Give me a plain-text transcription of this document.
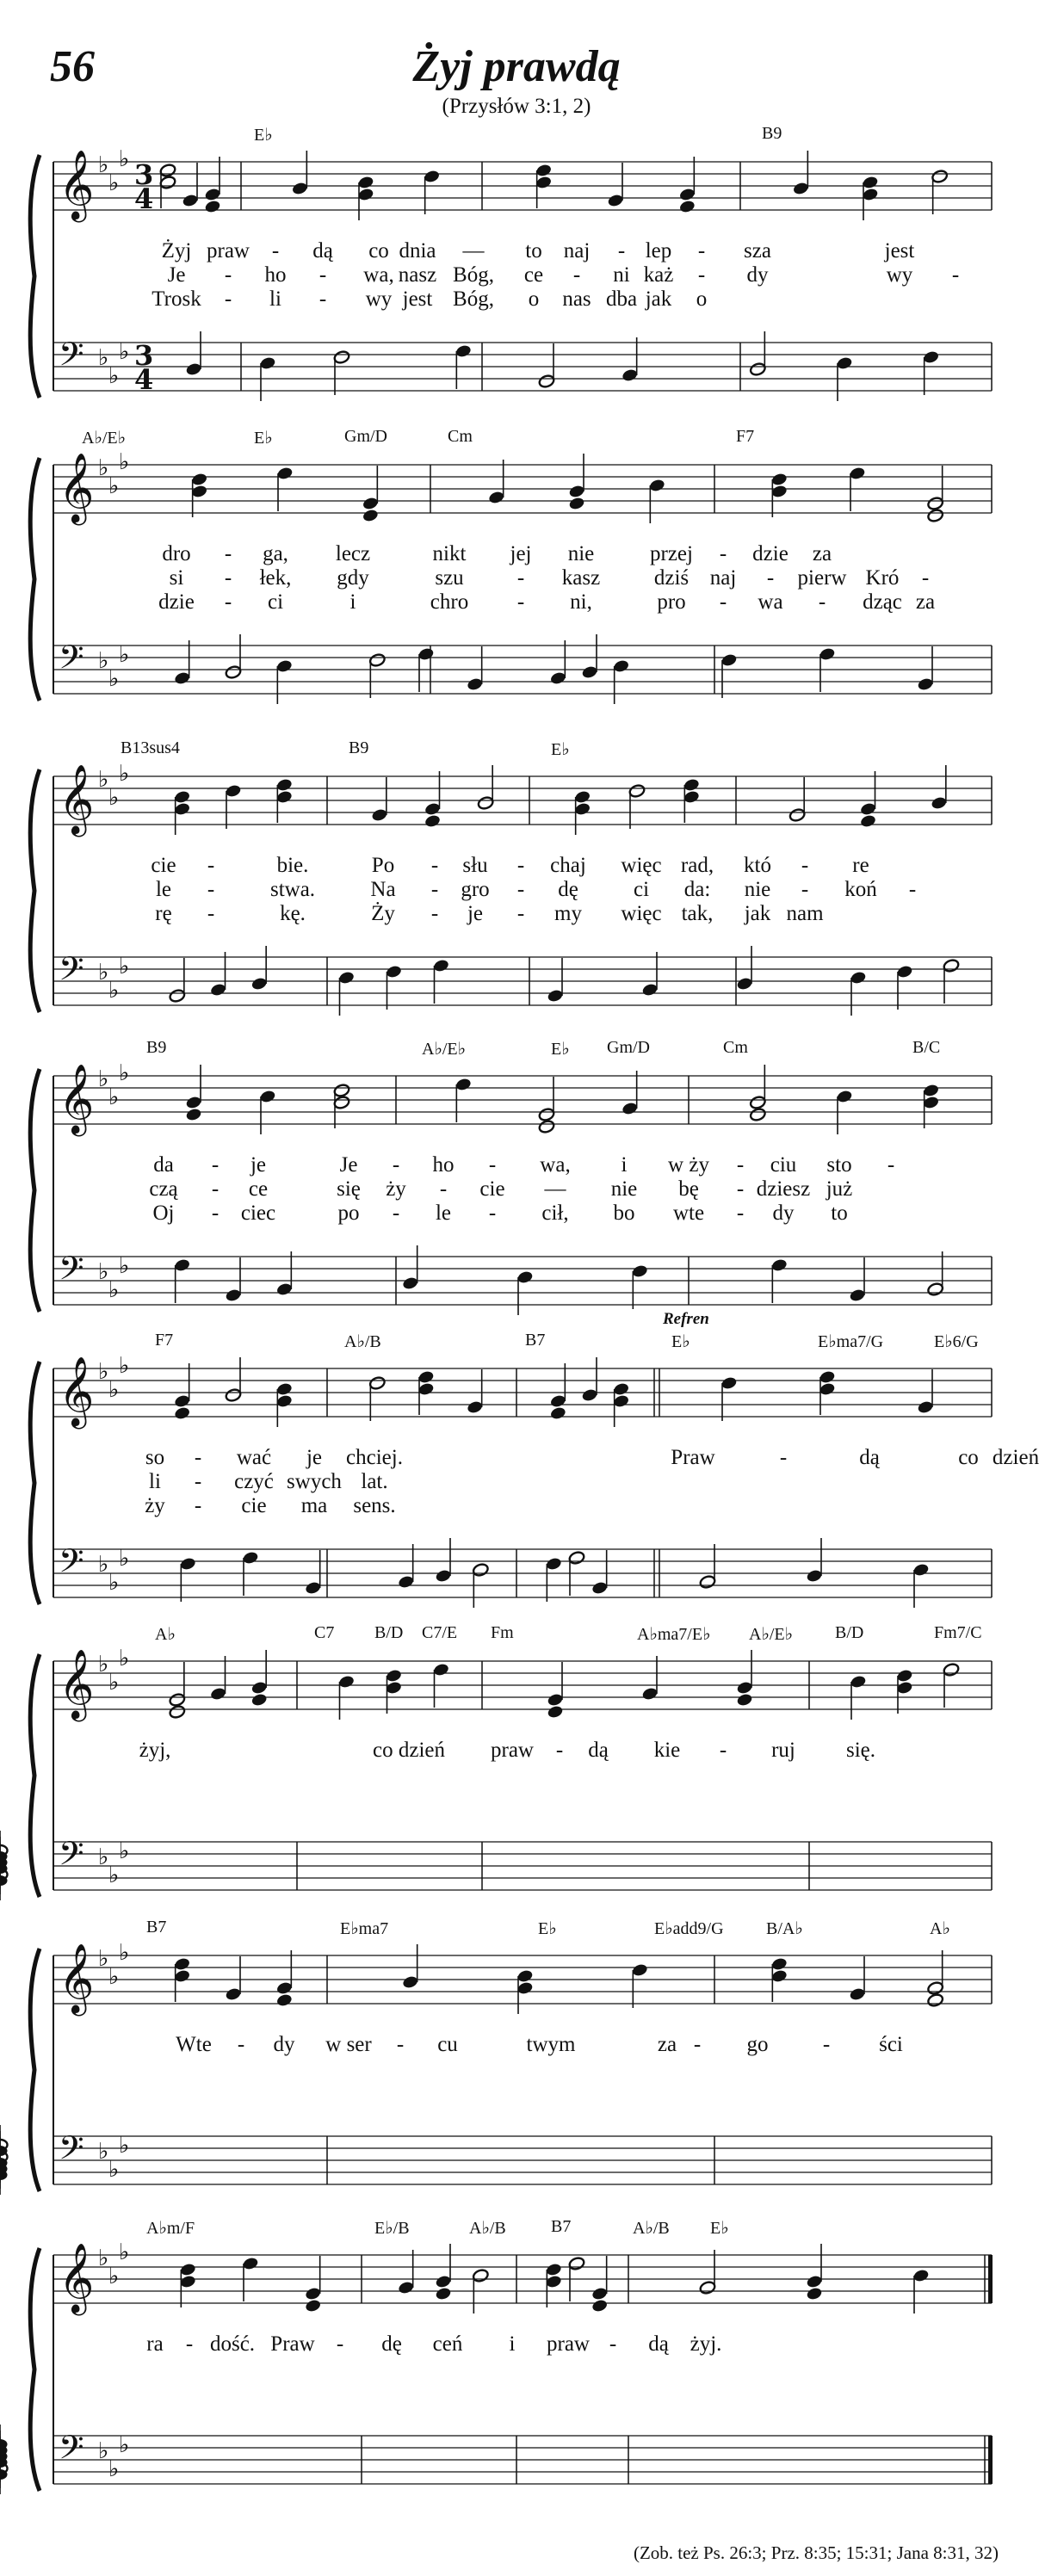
56	Żyj prawdą
(Przysłów 3:1, 2)
𝄞 ♭
♭
♭ 3
4
𝄢 ♭
♭
♭ 3
4
E♭	B9
Żyj praw - dą co dnia — to naj - lep - sza	jest
Je - ho - wa, nasz Bóg, ce - ni każ - dy	wy -
Trosk - li - wy jest Bóg, o nas dba jak o
𝄞 ♭
♭
♭
𝄢 ♭
♭
♭
A♭/E♭	E♭	Gm/D	Cm	F7
dro - ga, lecz	nikt jej nie	przej - dzie za
si - łek, gdy	szu - kasz	dziś naj - pierw Kró -
dzie - ci	i	chro - ni,	pro - wa - dząc za
𝄞 ♭
♭
♭
𝄢 ♭
♭
♭
B13sus4	B9	E♭
cie -	bie.	Po - słu - chaj więc rad, któ - re
le -	stwa.	Na - gro - dę	ci da: nie - koń -
rę -	kę.	Ży - je - my więc tak, jak nam
𝄞 ♭
♭
♭
𝄢 ♭
♭
♭
B9	A♭/E♭	E♭ Gm/D	Cm	B/C
da - je	Je - ho - wa, i w ży - ciu sto -
czą - ce	się ży - cie — nie bę - dziesz już
Oj - ciec	po - le - cił, bo wte - dy to
𝄞 ♭
♭
♭
𝄢 ♭
♭
♭
F7	A♭/B	B7	E♭	E♭ma7/G	E♭6/G
Refren
so - wać je chciej.	Praw	-	dą	co dzień
li - czyć swych lat.
ży - cie ma sens.
𝄞 ♭
♭
♭
𝄢 ♭
♭
♭
A♭	C7 B/D C7/E Fm	A♭ma7/E♭ A♭/E♭ B/D	Fm7/C
żyj,	co dzień praw - dą kie - ruj się.
𝄞 ♭
♭
♭
𝄢 ♭
♭
♭
B7	E♭ma7	E♭	E♭add9/G B/A♭	A♭
Wte - dy w ser - cu	twym	za - go	- ści
𝄞 ♭
♭
♭
𝄢 ♭
♭
♭
A♭m/F	E♭/B	A♭/B	B7	A♭/B E♭
ra - dość. Praw - dę ceń i praw - dą żyj.
(Zob. też Ps. 26:3; Prz. 8:35; 15:31; Jana 8:31, 32)
